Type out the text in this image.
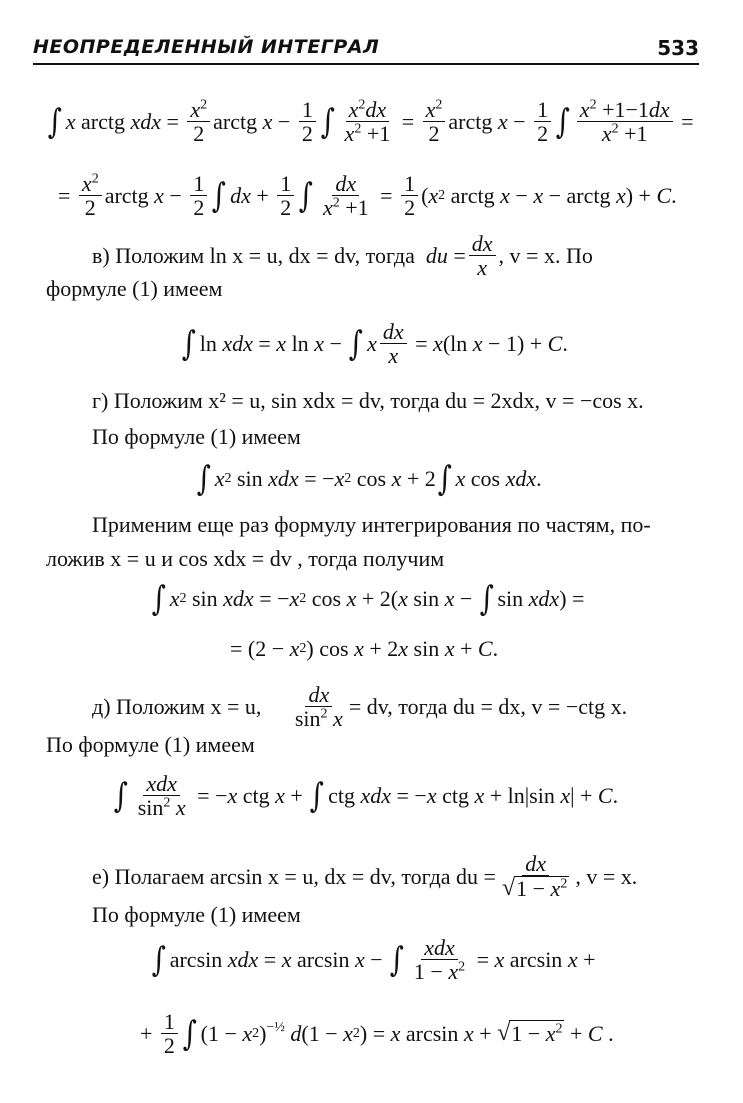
НЕОПРЕДЕЛЕННЫЙ ИНТЕГРАЛ	533
∫ x arctg xdx = $\frac{x^2}{2}$ arctg $x - \frac{1}{2}$ ∫ $\frac{x^2dx}{x^2 +1} = \frac{x^2}{2}$ arctg $x - \frac{1}{2}$ ∫ $\frac{x^2 +1-1dx}{x^2 +1}$ =
= $\frac{x^2}{2}$ arctg $x - \frac{1}{2}$ ∫ dx + $\frac{1}{2}$ ∫ $\frac{dx}{x^2 +1} = \frac{1}{2}$ ( x 2 arctg x − x − arctg x ) + C .
в) Положим ln x = u, dx = dv, тогда
du = $\frac{dx}{x}$ , v = x. По
формуле (1) имеем
∫ ln xdx = x ln x − ∫ x $\frac{dx}{x} = x$ (ln x − 1) + C .
г) Положим x² = u, sin xdx = dv, тогда du = 2xdx, v = −cos x.
По формуле (1) имеем
∫ x 2 sin xdx = − x 2 cos x + 2 ∫ x cos xdx .
Применим еще раз формулу интегрирования по частям, по-
ложив x = u и cos xdx = dv , тогда получим
∫ x 2 sin xdx = − x 2 cos x + 2( x sin x − ∫ sin xdx ) =
= (2 − x 2 ) cos x + 2 x sin x + C .
д) Положим x = u,
$\frac{dx}{\sin^2 x}$ = dv, тогда du = dx, v = −ctg x.
По формуле (1) имеем
∫ $\frac{\text{xdx}}{\sin^2 x}$ = − x ctg x + ∫ ctg xdx = − x ctg x + ln|sin x | + C .
е) Полагаем arcsin x = u, dx = dv, тогда du = $\frac{dx}{√ 1 - x^2}$ , v = x.
По формуле (1) имеем
∫ arcsin xdx = x arcsin x − ∫ $\frac{\text{xdx}}{1 - x^2} = x$ arcsin x +
+ $\frac{1}{2}$ ∫ (1 − x 2 )$^{-\frac{1}{2}}$
d (1 − x 2 ) = x arcsin x + √ $1 - x^2 + C$ .
